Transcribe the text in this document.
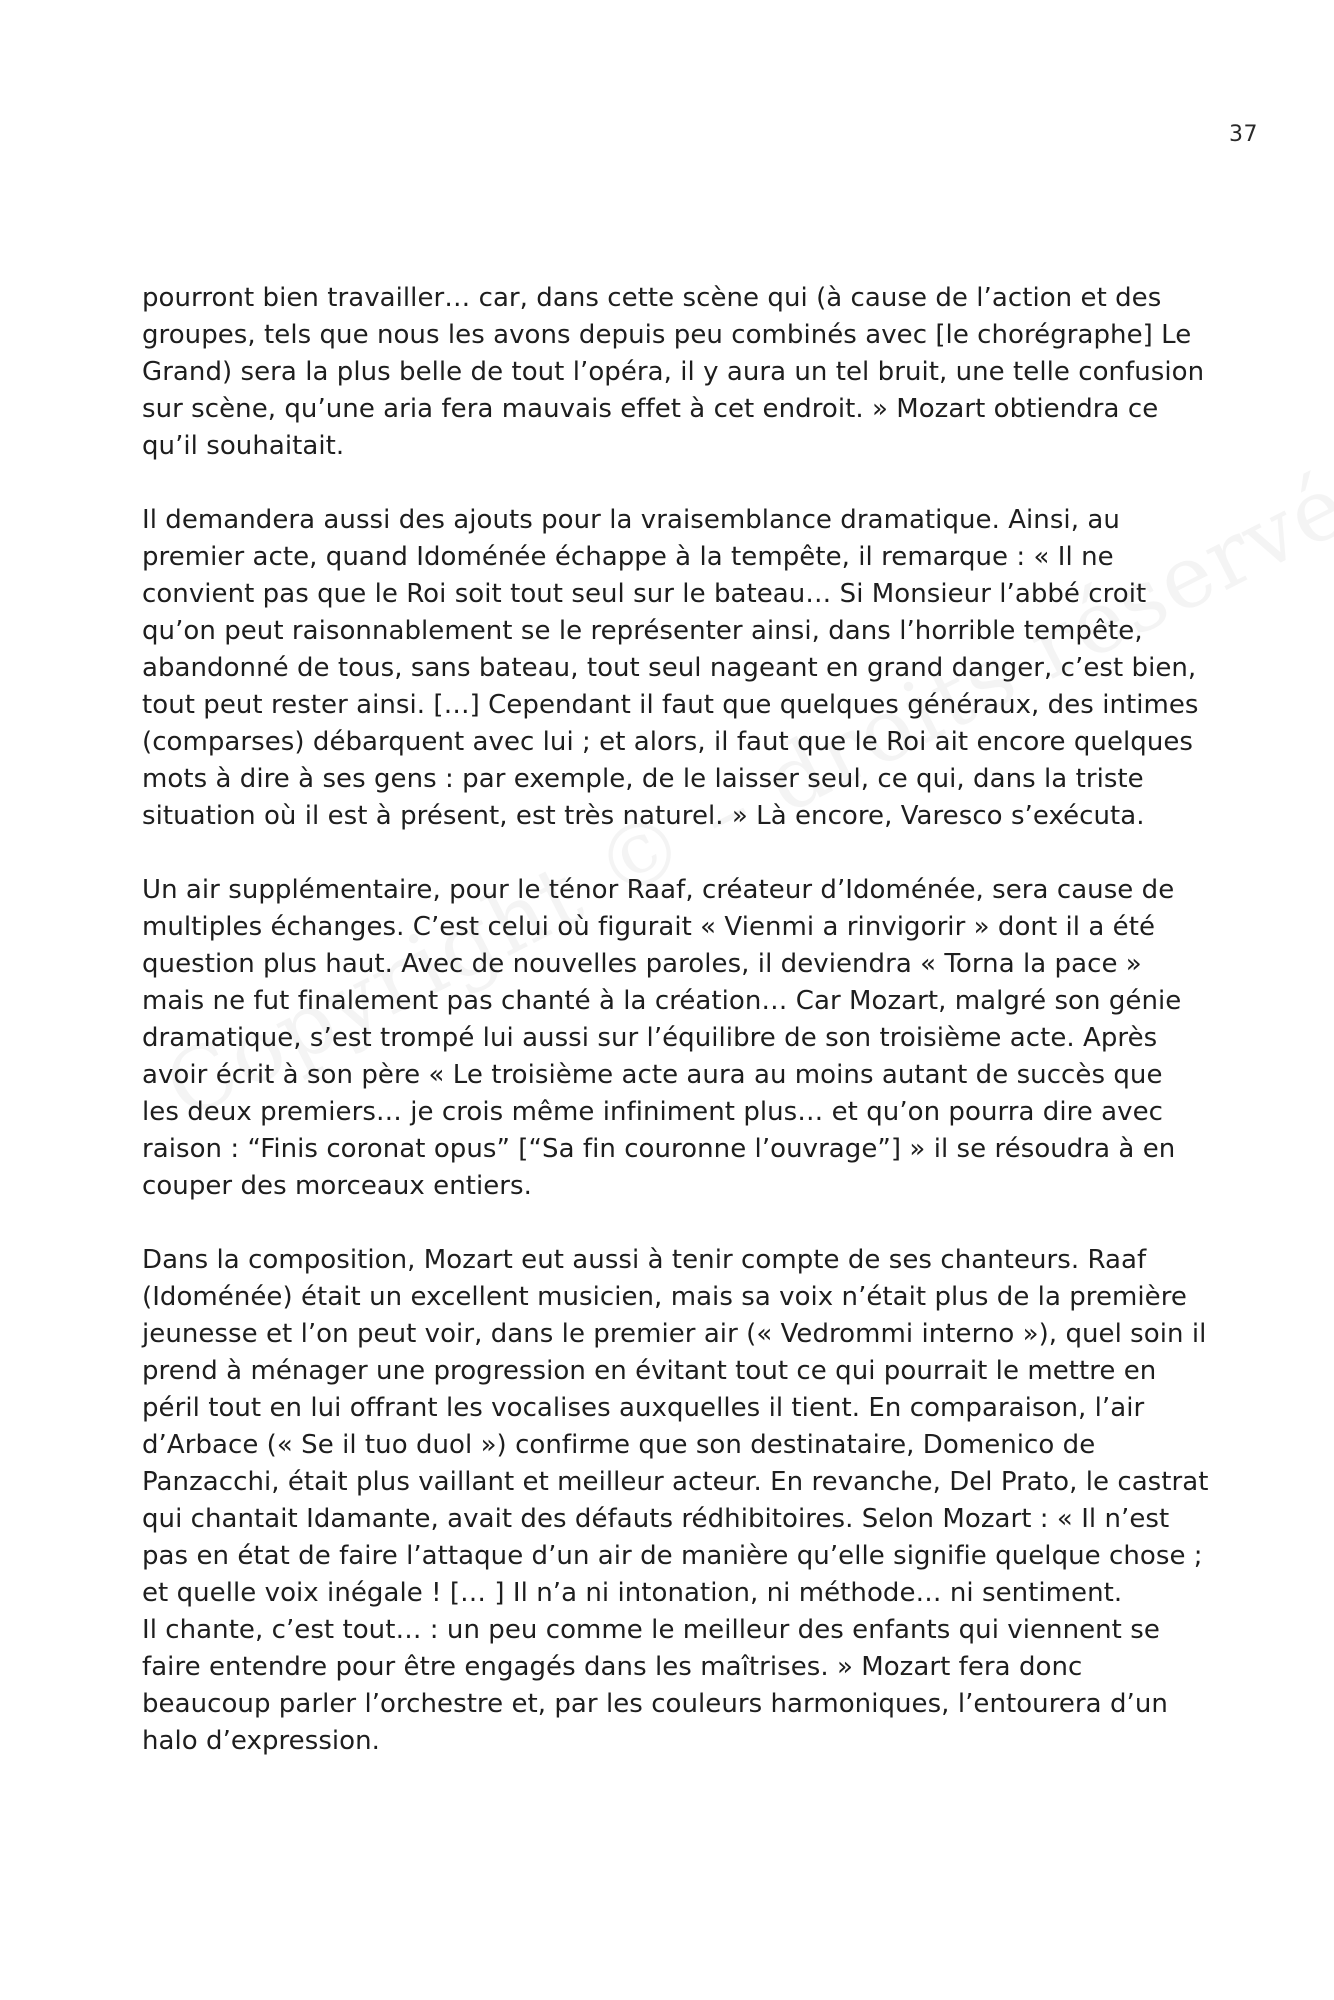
37

pourront bien travailler… car, dans cette scène qui (à cause de l’action et des
groupes, tels que nous les avons depuis peu combinés avec [le chorégraphe] Le
Grand) sera la plus belle de tout l’opéra, il y aura un tel bruit, une telle confusion
sur scène, qu’une aria fera mauvais effet à cet endroit. » Mozart obtiendra ce
qu’il souhaitait.

Il demandera aussi des ajouts pour la vraisemblance dramatique. Ainsi, au
premier acte, quand Idoménée échappe à la tempête, il remarque : « Il ne
convient pas que le Roi soit tout seul sur le bateau… Si Monsieur l’abbé croit
qu’on peut raisonnablement se le représenter ainsi, dans l’horrible tempête,
abandonné de tous, sans bateau, tout seul nageant en grand danger, c’est bien,
tout peut rester ainsi. […] Cependant il faut que quelques généraux, des intimes
(comparses) débarquent avec lui ; et alors, il faut que le Roi ait encore quelques
mots à dire à ses gens : par exemple, de le laisser seul, ce qui, dans la triste
situation où il est à présent, est très naturel. » Là encore, Varesco s’exécuta.

Un air supplémentaire, pour le ténor Raaf, créateur d’Idoménée, sera cause de
multiples échanges. C’est celui où figurait « Vienmi a rinvigorir » dont il a été
question plus haut. Avec de nouvelles paroles, il deviendra « Torna la pace »
mais ne fut finalement pas chanté à la création… Car Mozart, malgré son génie
dramatique, s’est trompé lui aussi sur l’équilibre de son troisième acte. Après
avoir écrit à son père « Le troisième acte aura au moins autant de succès que
les deux premiers… je crois même infiniment plus… et qu’on pourra dire avec
raison : “Finis coronat opus” [“Sa fin couronne l’ouvrage”] » il se résoudra à en
couper des morceaux entiers.

Dans la composition, Mozart eut aussi à tenir compte de ses chanteurs. Raaf
(Idoménée) était un excellent musicien, mais sa voix n’était plus de la première
jeunesse et l’on peut voir, dans le premier air (« Vedrommi interno »), quel soin il
prend à ménager une progression en évitant tout ce qui pourrait le mettre en
péril tout en lui offrant les vocalises auxquelles il tient. En comparaison, l’air
d’Arbace (« Se il tuo duol ») confirme que son destinataire, Domenico de
Panzacchi, était plus vaillant et meilleur acteur. En revanche, Del Prato, le castrat
qui chantait Idamante, avait des défauts rédhibitoires. Selon Mozart : « Il n’est
pas en état de faire l’attaque d’un air de manière qu’elle signifie quelque chose ;
et quelle voix inégale ! [… ] Il n’a ni intonation, ni méthode… ni sentiment.
Il chante, c’est tout… : un peu comme le meilleur des enfants qui viennent se
faire entendre pour être engagés dans les maîtrises. » Mozart fera donc
beaucoup parler l’orchestre et, par les couleurs harmoniques, l’entourera d’un
halo d’expression.
